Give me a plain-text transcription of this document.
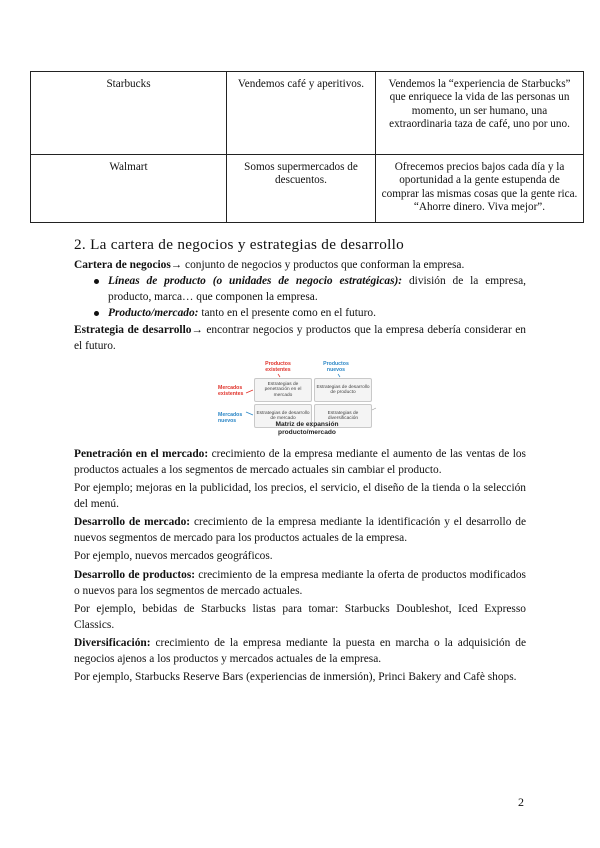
Starbucks	Vendemos café y aperitivos.	Vendemos la “experiencia de Starbucks” que enriquece la vida de las personas un momento, un ser humano, una extraordinaria taza de café, uno por uno.
Walmart	Somos supermercados de descuentos.	Ofrecemos precios bajos cada día y la oportunidad a la gente estupenda de comprar las mismas cosas que la gente rica. “Ahorre dinero. Viva mejor”.
2. La cartera de negocios y estrategias de desarrollo
Cartera de negocios→ conjunto de negocios y productos que conforman la empresa.
Líneas de producto (o unidades de negocio estratégicas): división de la empresa, producto, marca… que componen la empresa.
Producto/mercado: tanto en el presente como en el futuro.
Estrategia de desarrollo→ encontrar negocios y productos que la empresa debería considerar en el futuro.
Productos existentes
Productos nuevos
Mercados existentes
Mercados nuevos
Estrategias de penetración en el mercado
Estrategias de desarrollo de producto
Estrategias de desarrollo de mercado
Estrategias de diversificación
Matriz de expansión producto/mercado
Penetración en el mercado: crecimiento de la empresa mediante el aumento de las ventas de los productos actuales a los segmentos de mercado actuales sin cambiar el producto.
Por ejemplo; mejoras en la publicidad, los precios, el servicio, el diseño de la tienda o la selección del menú.
Desarrollo de mercado: crecimiento de la empresa mediante la identificación y el desarrollo de nuevos segmentos de mercado para los productos actuales de la empresa.
Por ejemplo, nuevos mercados geográficos.
Desarrollo de productos: crecimiento de la empresa mediante la oferta de productos modificados o nuevos para los segmentos de mercado actuales.
Por ejemplo, bebidas de Starbucks listas para tomar: Starbucks Doubleshot, Iced Expresso Classics.
Diversificación: crecimiento de la empresa mediante la puesta en marcha o la adquisición de negocios ajenos a los productos y mercados actuales de la empresa.
Por ejemplo, Starbucks Reserve Bars (experiencias de inmersión), Princi Bakery and Cafè shops.
2
